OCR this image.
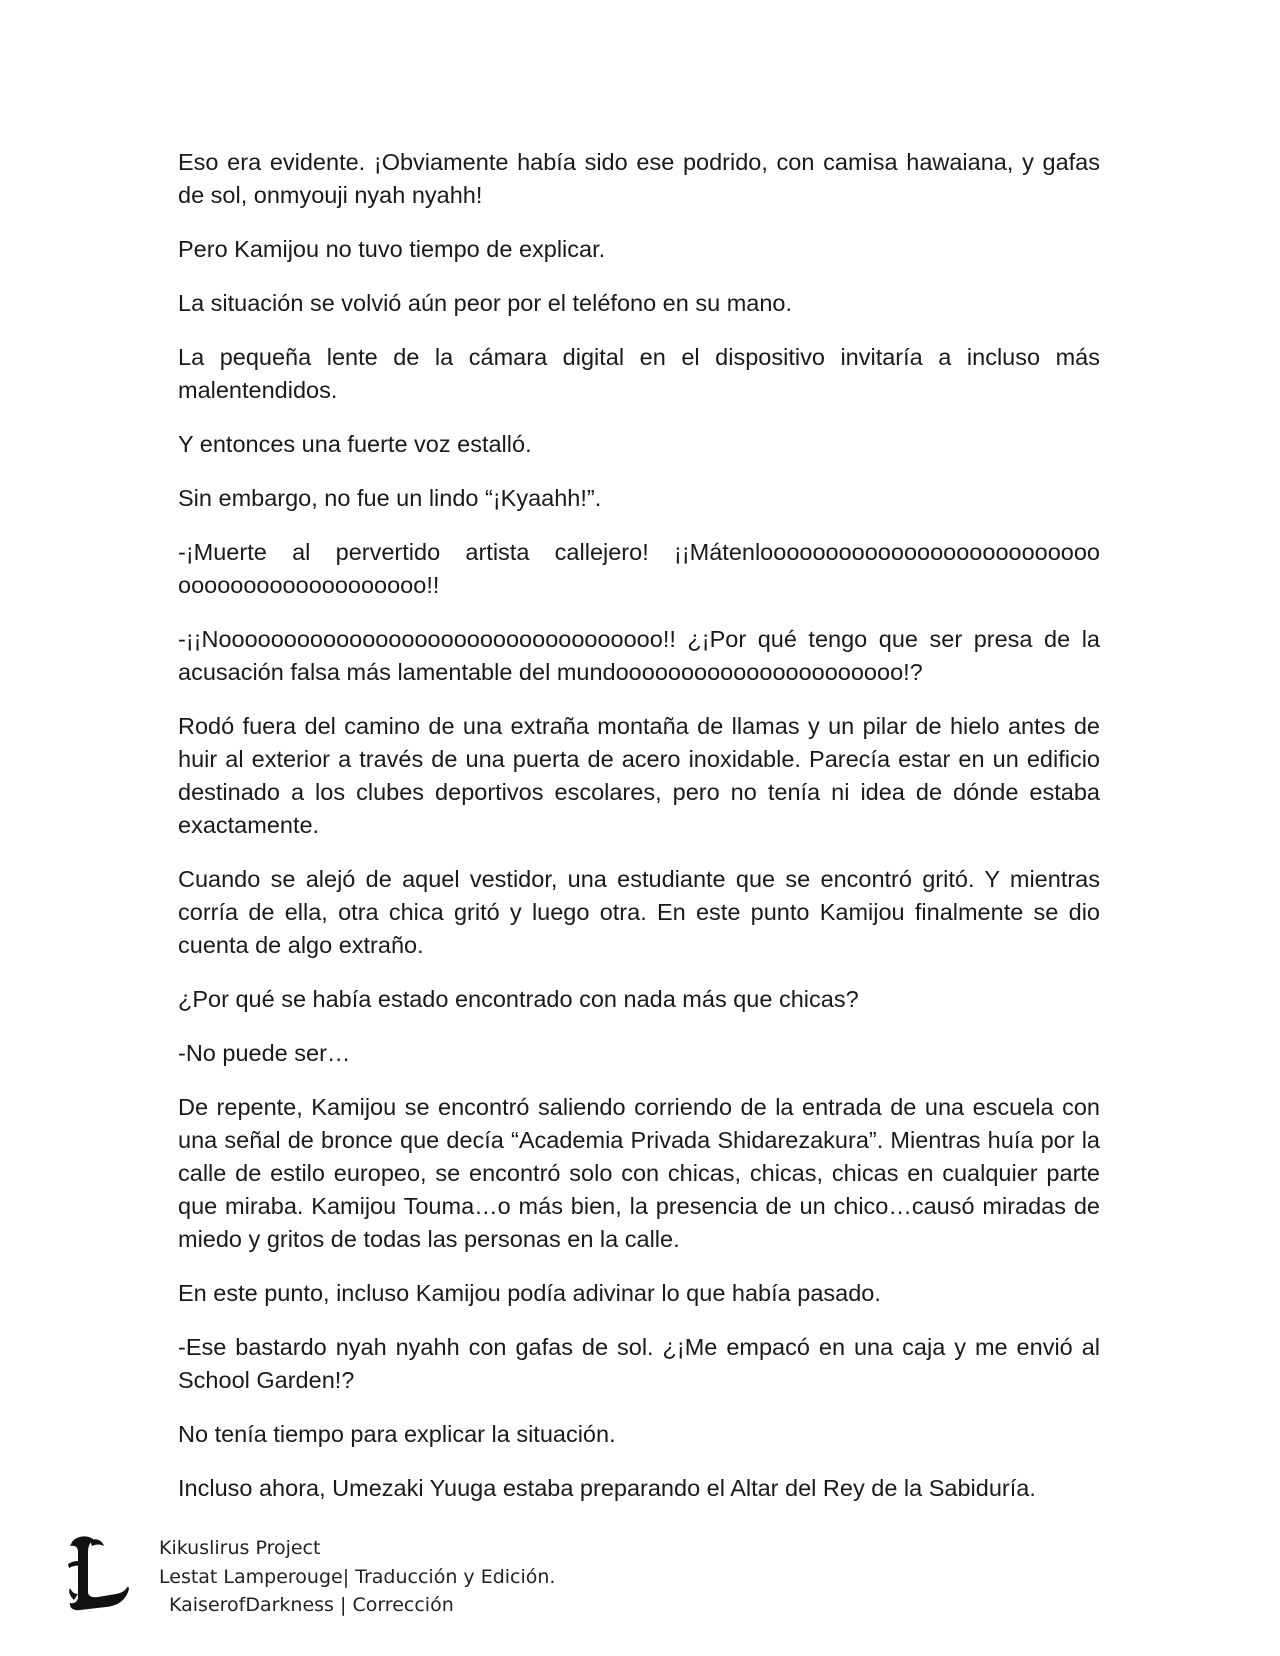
Eso era evidente. ¡Obviamente había sido ese podrido, con camisa hawaiana, y gafas de sol, onmyouji nyah nyahh!

Pero Kamijou no tuvo tiempo de explicar.

La situación se volvió aún peor por el teléfono en su mano.

La pequeña lente de la cámara digital en el dispositivo invitaría a incluso más malentendidos.

Y entonces una fuerte voz estalló.

Sin embargo, no fue un lindo “¡Kyaahh!”.

-¡Muerte al pervertido artista callejero! ¡¡Mátenloooooooooooooooooooooooooo ooooooooooooooooooo!!

-¡¡Noooooooooooooooooooooooooooooooooo!! ¿¡Por qué tengo que ser presa de la acusación falsa más lamentable del mundoooooooooooooooooooooo!?

Rodó fuera del camino de una extraña montaña de llamas y un pilar de hielo antes de huir al exterior a través de una puerta de acero inoxidable. Parecía estar en un edificio destinado a los clubes deportivos escolares, pero no tenía ni idea de dónde estaba exactamente.

Cuando se alejó de aquel vestidor, una estudiante que se encontró gritó. Y mientras corría de ella, otra chica gritó y luego otra. En este punto Kamijou finalmente se dio cuenta de algo extraño.

¿Por qué se había estado encontrado con nada más que chicas?

-No puede ser…

De repente, Kamijou se encontró saliendo corriendo de la entrada de una escuela con una señal de bronce que decía “Academia Privada Shidarezakura”. Mientras huía por la calle de estilo europeo, se encontró solo con chicas, chicas, chicas en cualquier parte que miraba. Kamijou Touma…o más bien, la presencia de un chico…causó miradas de miedo y gritos de todas las personas en la calle.

En este punto, incluso Kamijou podía adivinar lo que había pasado.

-Ese bastardo nyah nyahh con gafas de sol. ¿¡Me empacó en una caja y me envió al School Garden!?

No tenía tiempo para explicar la situación.

Incluso ahora, Umezaki Yuuga estaba preparando el Altar del Rey de la Sabiduría.

Kikuslirus Project
Lestat Lamperouge| Traducción y Edición.
KaiserofDarkness | Corrección
